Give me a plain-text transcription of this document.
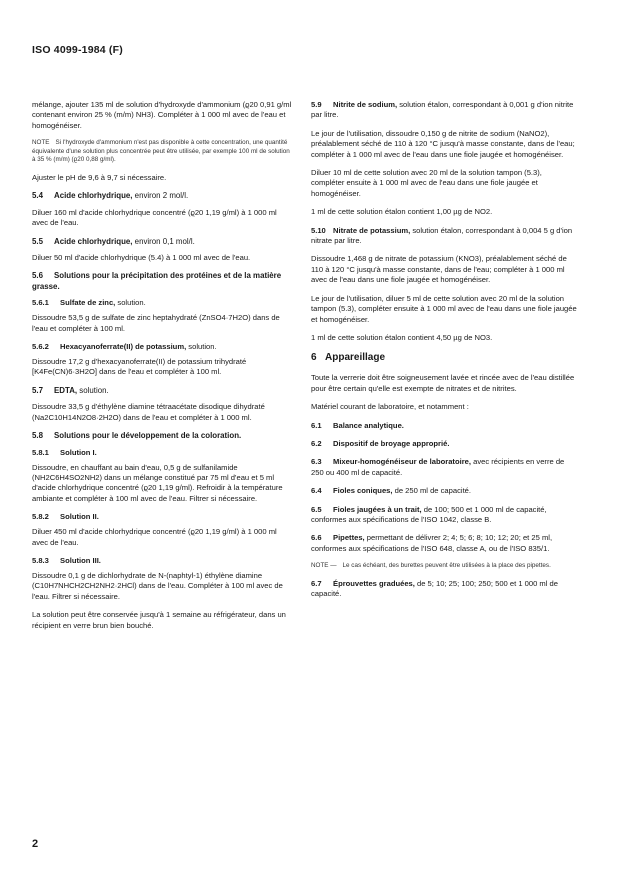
ISO 4099-1984 (F)

mélange, ajouter 135 ml de solution d'hydroxyde d'ammonium (ϱ20 0,91 g/ml contenant environ 25 % (m/m) NH3). Compléter à 1 000 ml avec de l'eau et homogénéiser.

NOTE Si l'hydroxyde d'ammonium n'est pas disponible à cette concentration, une quantité équivalente d'une solution plus concentrée peut être utilisée, par exemple 100 ml de solution à 35 % (m/m) (ϱ20 0,88 g/ml).

Ajuster le pH de 9,6 à 9,7 si nécessaire.

5.4 Acide chlorhydrique, environ 2 mol/l.

Diluer 160 ml d'acide chlorhydrique concentré (ϱ20 1,19 g/ml) à 1 000 ml avec de l'eau.

5.5 Acide chlorhydrique, environ 0,1 mol/l.

Diluer 50 ml d'acide chlorhydrique (5.4) à 1 000 ml avec de l'eau.

5.6 Solutions pour la précipitation des protéines et de la matière grasse.
5.6.1 Sulfate de zinc, solution.

Dissoudre 53,5 g de sulfate de zinc heptahydraté (ZnSO4·7H2O) dans de l'eau et compléter à 100 ml.

5.6.2 Hexacyanoferrate(II) de potassium, solution.

Dissoudre 17,2 g d'hexacyanoferrate(II) de potassium trihydraté [K4Fe(CN)6·3H2O] dans de l'eau et compléter à 100 ml.

5.7 EDTA, solution.

Dissoudre 33,5 g d'éthylène diamine tétraacétate disodique dihydraté (Na2C10H14N2O8·2H2O) dans de l'eau et compléter à 1 000 ml.

5.8 Solutions pour le développement de la coloration.
5.8.1 Solution I.

Dissoudre, en chauffant au bain d'eau, 0,5 g de sulfanilamide (NH2C6H4SO2NH2) dans un mélange constitué par 75 ml d'eau et 5 ml d'acide chlorhydrique concentré (ϱ20 1,19 g/ml). Refroidir à la température ambiante et compléter à 100 ml avec de l'eau. Filtrer si nécessaire.

5.8.2 Solution II.

Diluer 450 ml d'acide chlorhydrique concentré (ϱ20 1,19 g/ml) à 1 000 ml avec de l'eau.

5.8.3 Solution III.

Dissoudre 0,1 g de dichlorhydrate de N-(naphtyl-1) éthylène diamine (C10H7NHCH2CH2NH2·2HCl) dans de l'eau. Compléter à 100 ml avec de l'eau. Filtrer si nécessaire.

La solution peut être conservée jusqu'à 1 semaine au réfrigérateur, dans un récipient en verre brun bien bouché.

5.9 Nitrite de sodium, solution étalon, correspondant à 0,001 g d'ion nitrite par litre.

Le jour de l'utilisation, dissoudre 0,150 g de nitrite de sodium (NaNO2), préalablement séché de 110 à 120 °C jusqu'à masse constante, dans de l'eau; compléter à 1 000 ml avec de l'eau dans une fiole jaugée et homogénéiser.

Diluer 10 ml de cette solution avec 20 ml de la solution tampon (5.3), compléter ensuite à 1 000 ml avec de l'eau dans une fiole jaugée et homogénéiser.

1 ml de cette solution étalon contient 1,00 µg de NO2.

5.10 Nitrate de potassium, solution étalon, correspondant à 0,004 5 g d'ion nitrate par litre.

Dissoudre 1,468 g de nitrate de potassium (KNO3), préalablement séché de 110 à 120 °C jusqu'à masse constante, dans de l'eau; compléter à 1 000 ml avec de l'eau dans une fiole jaugée et homogénéiser.

Le jour de l'utilisation, diluer 5 ml de cette solution avec 20 ml de la solution tampon (5.3), compléter ensuite à 1 000 ml avec de l'eau dans une fiole jaugée et homogénéiser.

1 ml de cette solution étalon contient 4,50 µg de NO3.

6 Appareillage

Toute la verrerie doit être soigneusement lavée et rincée avec de l'eau distillée pour être certain qu'elle est exempte de nitrates et de nitrites.

Matériel courant de laboratoire, et notamment :

6.1 Balance analytique.

6.2 Dispositif de broyage approprié.

6.3 Mixeur-homogénéiseur de laboratoire, avec récipients en verre de 250 ou 400 ml de capacité.

6.4 Fioles coniques, de 250 ml de capacité.

6.5 Fioles jaugées à un trait, de 100; 500 et 1 000 ml de capacité, conformes aux spécifications de l'ISO 1042, classe B.

6.6 Pipettes, permettant de délivrer 2; 4; 5; 6; 8; 10; 12; 20; et 25 ml, conformes aux spécifications de l'ISO 648, classe A, ou de l'ISO 835/1.

NOTE — Le cas échéant, des burettes peuvent être utilisées à la place des pipettes.

6.7 Éprouvettes graduées, de 5; 10; 25; 100; 250; 500 et 1 000 ml de capacité.

2
